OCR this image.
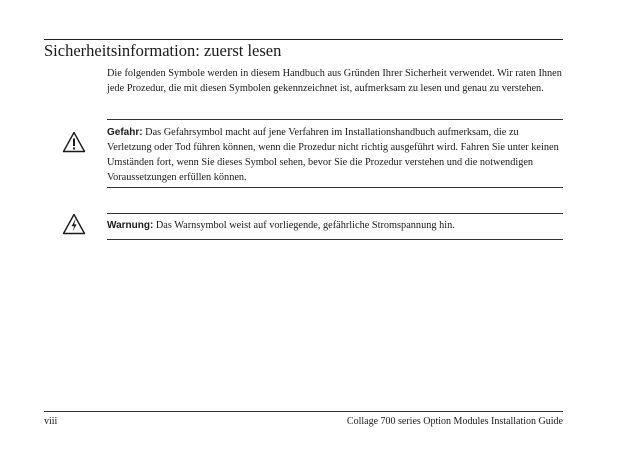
Sicherheitsinformation: zuerst lesen

Die folgenden Symbole werden in diesem Handbuch aus Gründen Ihrer Sicherheit verwendet. Wir raten Ihnen jede Prozedur, die mit diesen Symbolen gekennzeichnet ist, aufmerksam zu lesen und genau zu verstehen.

Gefahr: Das Gefahrsymbol macht auf jene Verfahren im Installationshandbuch aufmerksam, die zu Verletzung oder Tod führen können, wenn die Prozedur nicht richtig ausgeführt wird. Fahren Sie unter keinen Umständen fort, wenn Sie dieses Symbol sehen, bevor Sie die Prozedur verstehen und die notwendigen Voraussetzungen erfüllen können.

Warnung: Das Warnsymbol weist auf vorliegende, gefährliche Stromspannung hin.

viii	Collage 700 series Option Modules Installation Guide
